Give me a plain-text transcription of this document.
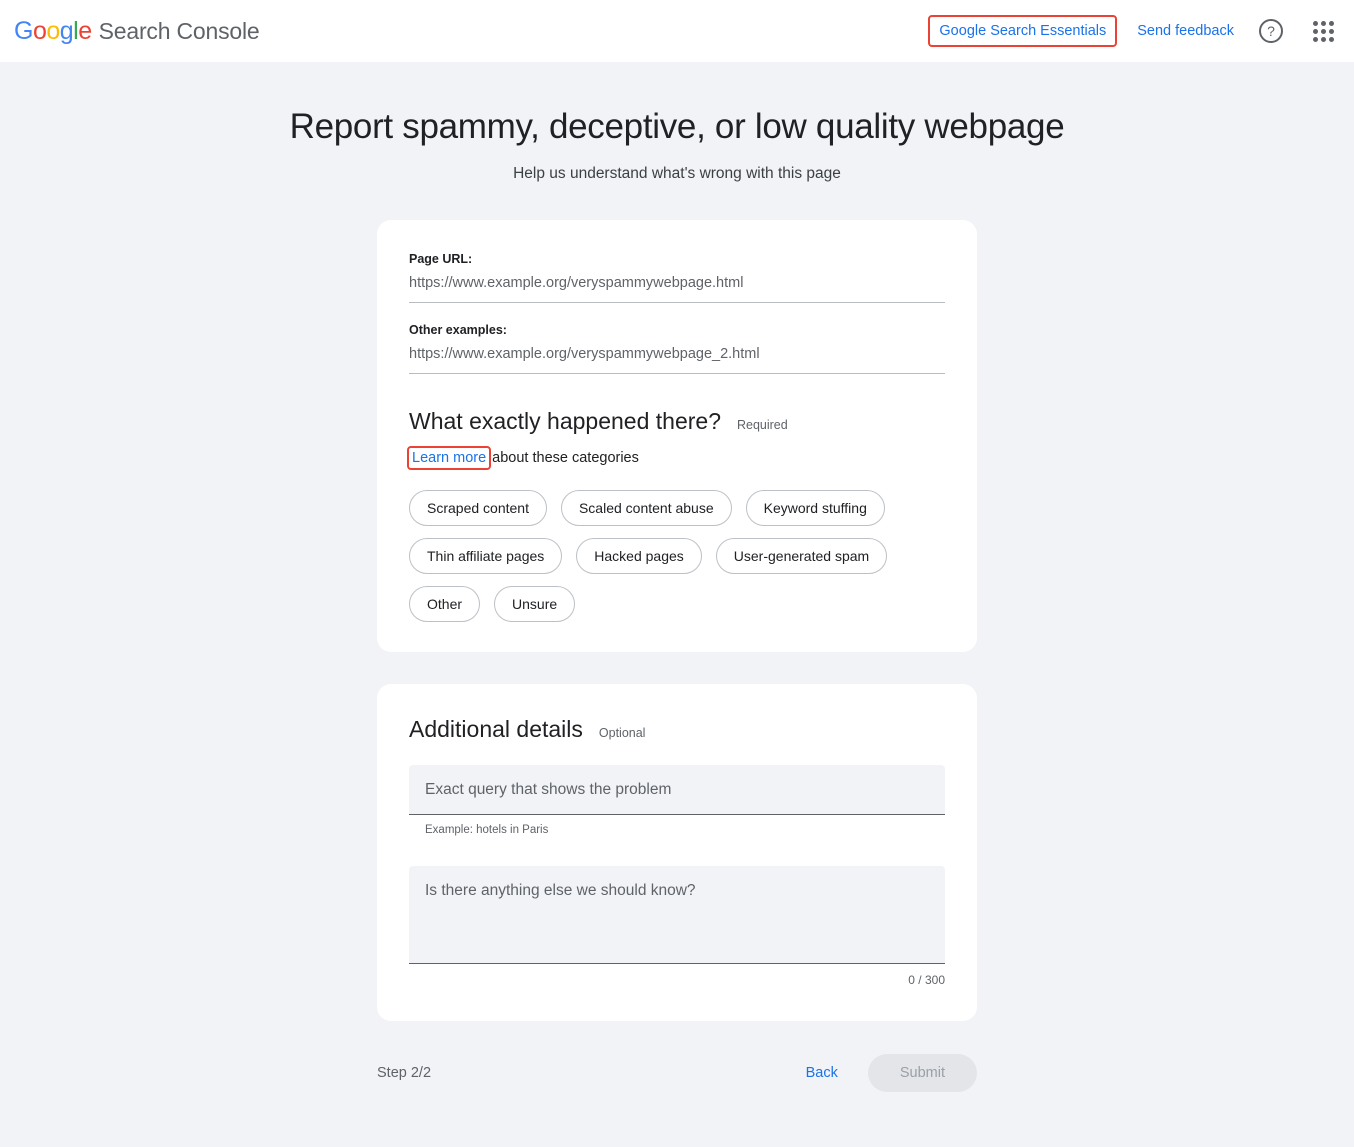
Google Search Console	Google Search Essentials	Send feedback	?
Report spammy, deceptive, or low quality webpage

Help us understand what's wrong with this page

Page URL:
https://www.example.org/veryspammywebpage.html
Other examples:
https://www.example.org/veryspammywebpage_2.html
What exactly happened there? Required
Learn more about these categories
Scraped content	Scaled content abuse	Keyword stuffing
Thin affiliate pages	Hacked pages	User-generated spam
Other	Unsure
Additional details Optional
Exact query that shows the problem
Example: hotels in Paris
Is there anything else we should know?
0 / 300
Step 2/2	Back	Submit
